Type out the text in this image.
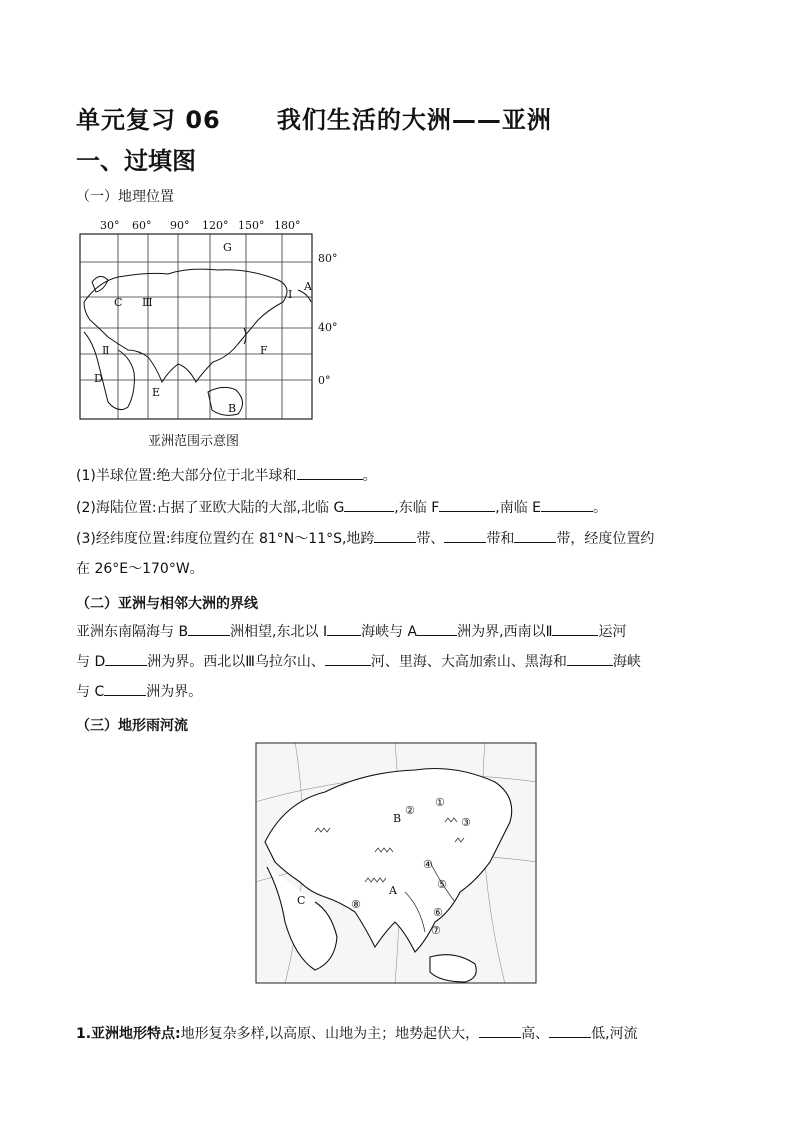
单元复习 06      我们生活的大洲——亚洲
一、过填图
（一）地理位置
30° 60° 90° 120° 150° 180°
80°
40°
0°
G
C Ⅲ
I
F
Ⅱ
D
E
B
A
亚洲范围示意图
(1)半球位置:绝大部分位于北半球和	。
(2)海陆位置:占据了亚欧大陆的大部,北临 G	,东临 F	,南临 E	。
(3)经纬度位置:纬度位置约在 81°N～11°S,地跨	带、	带和	带，经度位置约
在 26°E～170°W。
（二）亚洲与相邻大洲的界线
亚洲东南隔海与 B	洲相望,东北以 I 海峡与 A	洲为界,西南以Ⅱ	运河
与 D	洲为界。西北以Ⅲ乌拉尔山、	河、里海、大高加索山、黑海和	海峡
与 C	洲为界。
（三）地形雨河流
C
①
②
③
④
⑤
⑥
⑦
⑧
A
B
1.亚洲地形特点:地形复杂多样,以高原、山地为主；地势起伏大，	高、	低,河流
